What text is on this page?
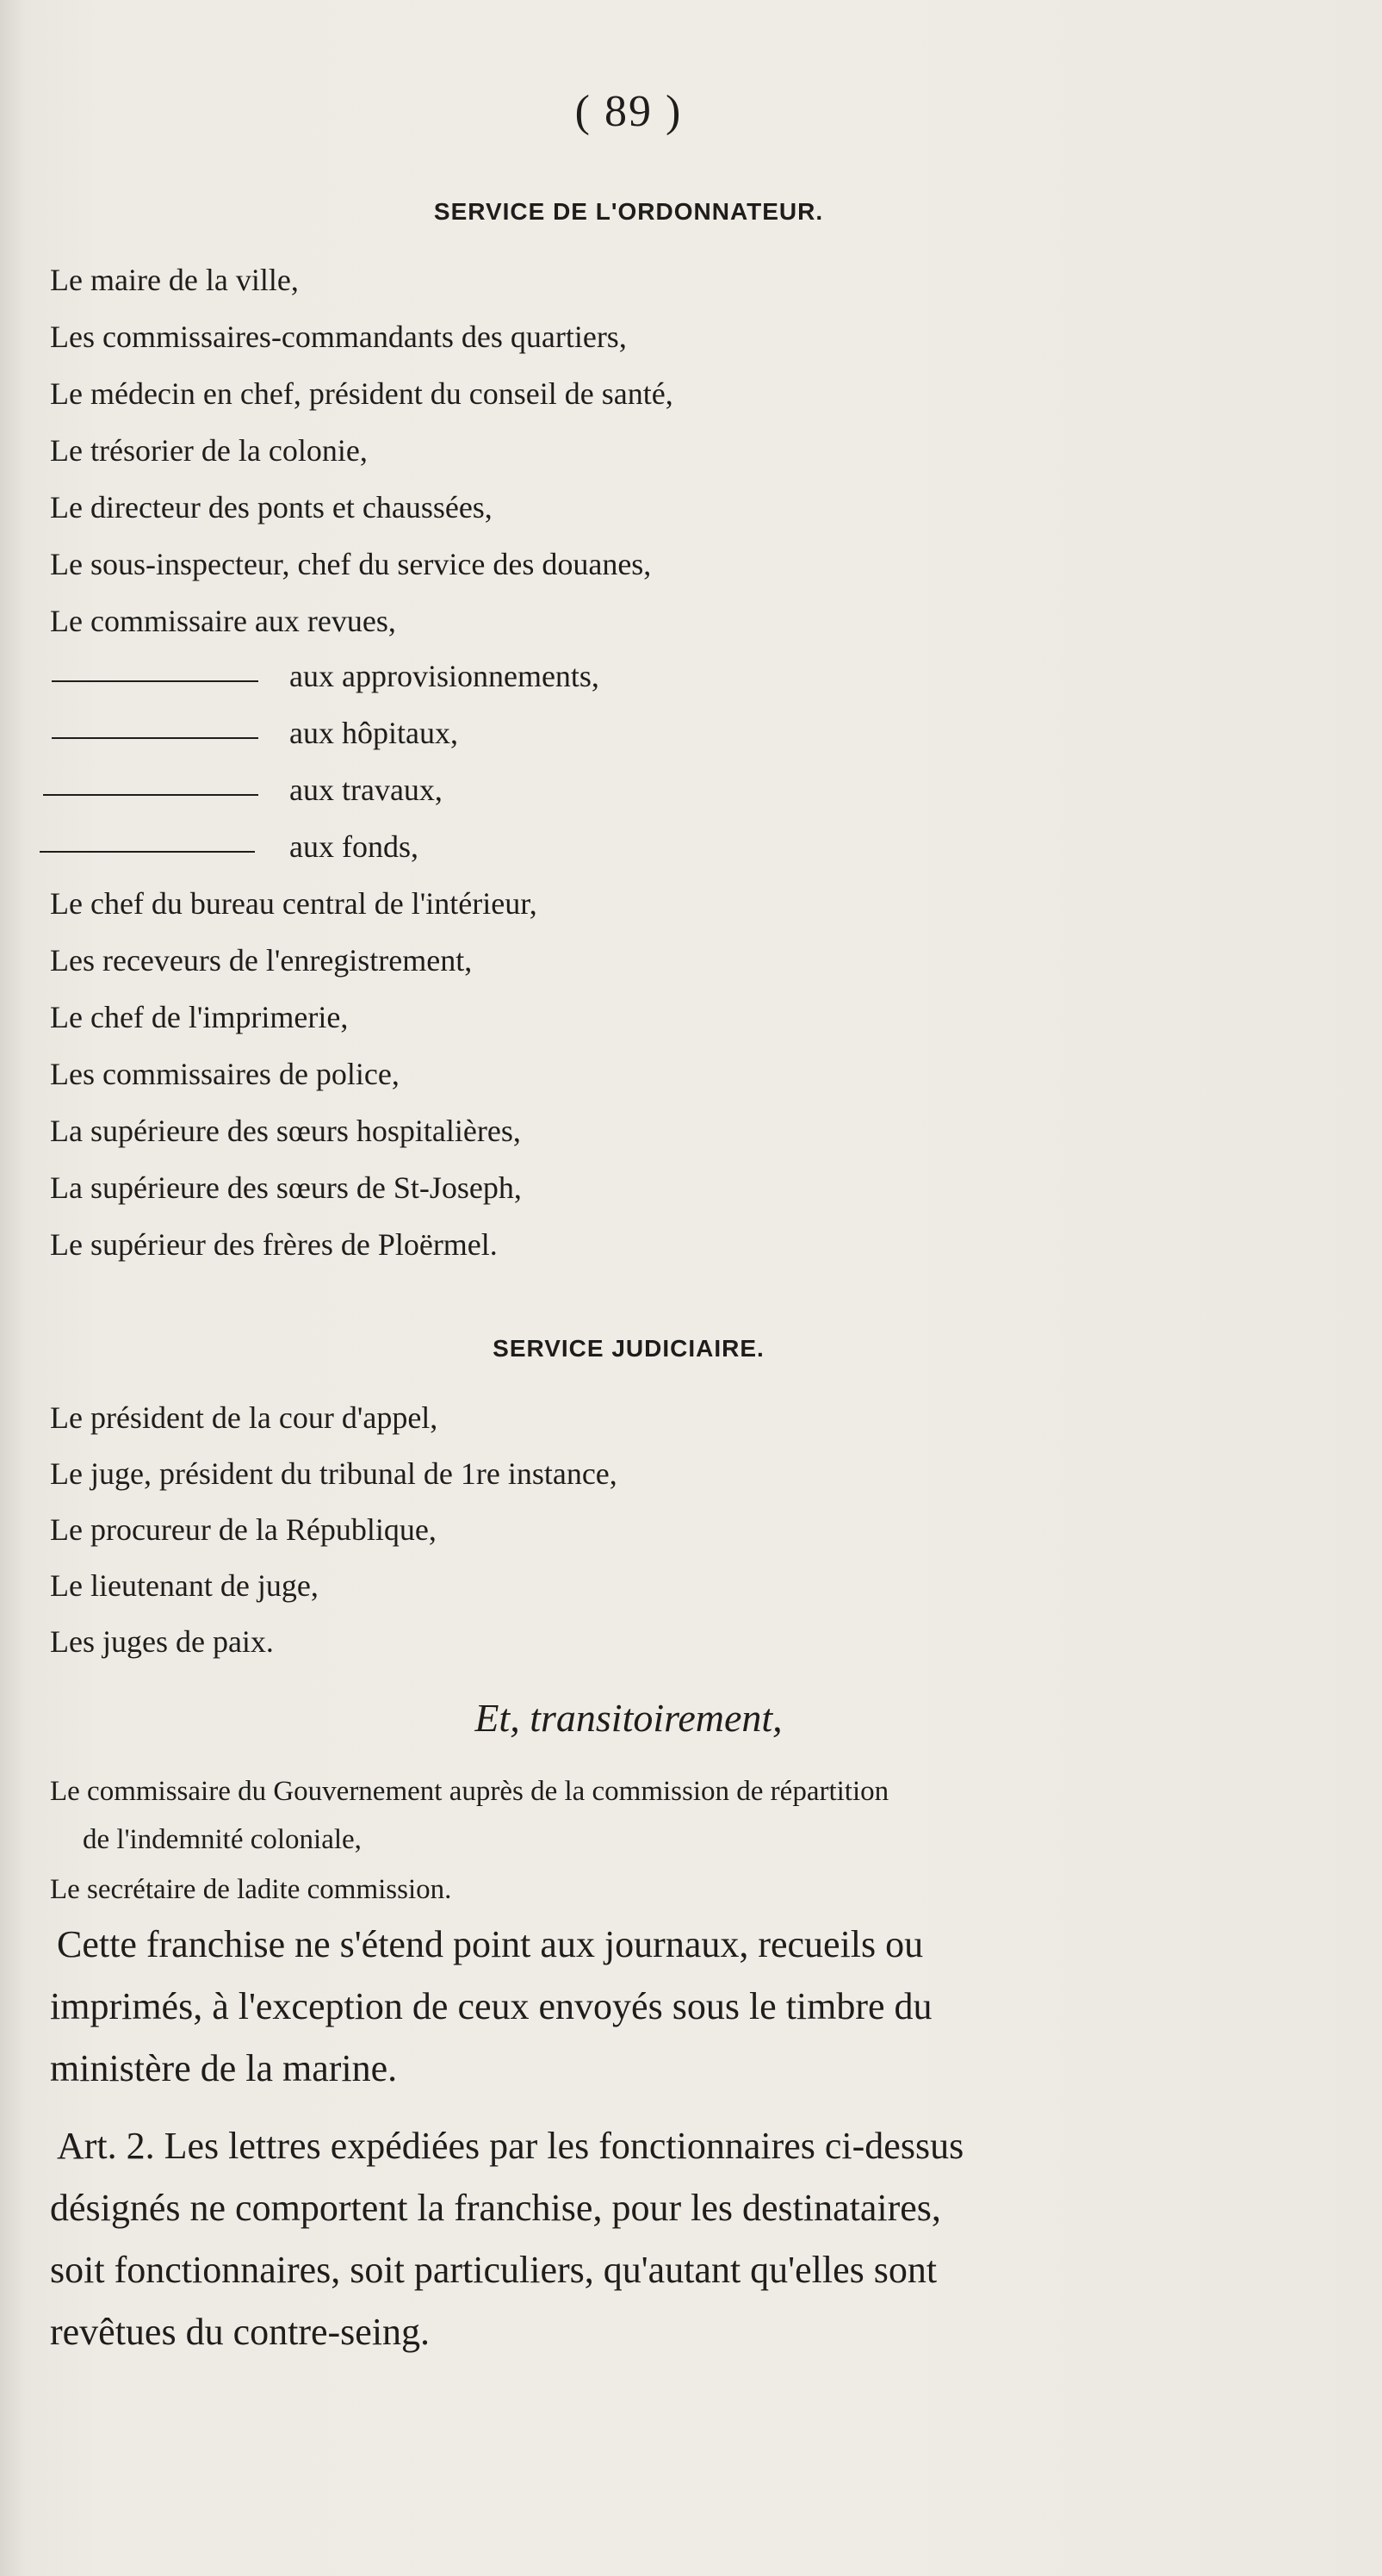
( 89 )
SERVICE DE L'ORDONNATEUR.
Le maire de la ville,
Les commissaires-commandants des quartiers,
Le médecin en chef, président du conseil de santé,
Le trésorier de la colonie,
Le directeur des ponts et chaussées,
Le sous-inspecteur, chef du service des douanes,
Le commissaire aux revues,
aux approvisionnements,
aux hôpitaux,
aux travaux,
aux fonds,
Le chef du bureau central de l'intérieur,
Les receveurs de l'enregistrement,
Le chef de l'imprimerie,
Les commissaires de police,
La supérieure des sœurs hospitalières,
La supérieure des sœurs de St-Joseph,
Le supérieur des frères de Ploërmel.
SERVICE JUDICIAIRE.
Le président de la cour d'appel,
Le juge, président du tribunal de 1re instance,
Le procureur de la République,
Le lieutenant de juge,
Les juges de paix.
Et, transitoirement,
Le commissaire du Gouvernement auprès de la commission de répartition
de l'indemnité coloniale,
Le secrétaire de ladite commission.
Cette franchise ne s'étend point aux journaux, recueils ou
imprimés, à l'exception de ceux envoyés sous le timbre du
ministère de la marine.
Art. 2. Les lettres expédiées par les fonctionnaires ci-dessus
désignés ne comportent la franchise, pour les destinataires,
soit fonctionnaires, soit particuliers, qu'autant qu'elles sont
revêtues du contre-seing.
